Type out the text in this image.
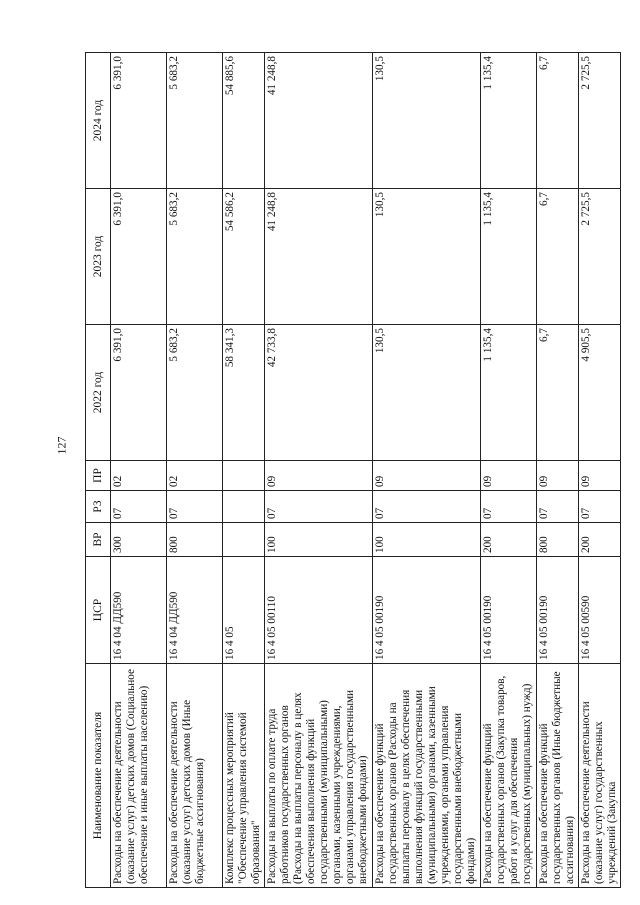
127
Наименование показателя	ЦСР	ВР	РЗ	ПР	2022 год	2023 год	2024 год
Расходы на обеспечение деятельности (оказание услуг) детских домов (Социальное обеспечение и иные выплаты населению)	16 4 04 ДД590	300	07	02	6 391,0	6 391,0	6 391,0
Расходы на обеспечение деятельности (оказание услуг) детских домов (Иные бюджетные ассигнования)	16 4 04 ДД590	800	07	02	5 683,2	5 683,2	5 683,2
Комплекс процессных мероприятий "Обеспечение управления системой образования"	16 4 05				58 341,3	54 586,2	54 885,6
Расходы на выплаты по оплате труда работников государственных органов (Расходы на выплаты персоналу в целях обеспечения выполнения функций государственными (муниципальными) органами, казенными учреждениями, органами управления государственными внебюджетными фондами)	16 4 05 00110	100	07	09	42 733,8	41 248,8	41 248,8
Расходы на обеспечение функций государственных органов (Расходы на выплаты персоналу в целях обеспечения выполнения функций государственными (муниципальными) органами, казенными учреждениями, органами управления государственными внебюджетными фондами)	16 4 05 00190	100	07	09	130,5	130,5	130,5
Расходы на обеспечение функций государственных органов (Закупка товаров, работ и услуг для обеспечения государственных (муниципальных) нужд)	16 4 05 00190	200	07	09	1 135,4	1 135,4	1 135,4
Расходы на обеспечение функций государственных органов (Иные бюджетные ассигнования)	16 4 05 00190	800	07	09	6,7	6,7	6,7
Расходы на обеспечение деятельности (оказание услуг) государственных учреждений (Закупка	16 4 05 00590	200	07	09	4 905,5	2 725,5	2 725,5
